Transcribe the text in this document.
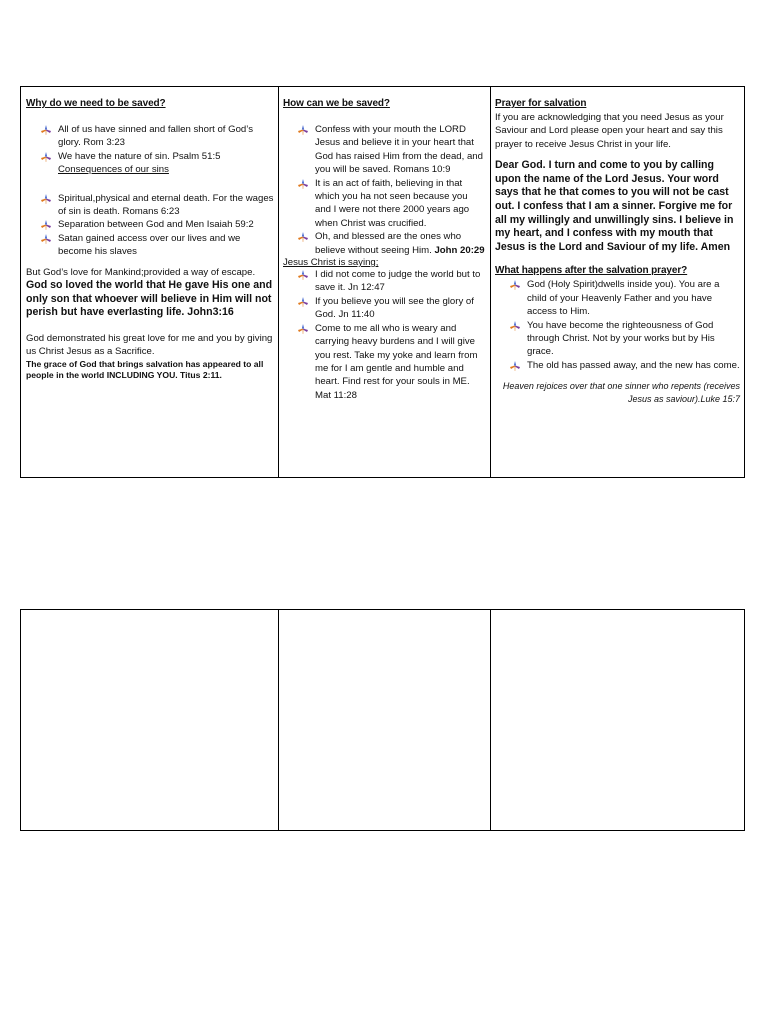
Why do we need to be saved?
All of us have sinned and fallen short of God’s glory. Rom 3:23
We have the nature of sin. Psalm 51:5
Consequences of our sins
Spiritual,physical and eternal death. For the wages of sin is death. Romans 6:23
Separation between God and Men Isaiah 59:2
Satan gained access over our lives and we become his slaves

But God’s love for Mankind;provided a way of escape.

God so loved the world that He gave His one and only son that whoever will believe in Him will not perish but have everlasting life. John3:16

God demonstrated his great love for me and you by giving us Christ Jesus as a Sacrifice.

The grace of God that brings salvation has appeared to all people in the world INCLUDING YOU. Titus 2:11.

How can we be saved?
Confess with your mouth the LORD Jesus and believe it in your heart that God has raised Him from the dead, and you will be saved. Romans 10:9
It is an act of faith, believing in that which you ha not seen because you and I were not there 2000 years ago when Christ was crucified.
Oh, and blessed are the ones who believe without seeing Him. John 20:29
Jesus Christ is saying;
I did not come to judge the world but to save it. Jn 12:47
If you believe you will see the glory of God. Jn 11:40
Come to me all who is weary and carrying heavy burdens and I will give you rest. Take my yoke and learn from me for I am gentle and humble and heart. Find rest for your souls in ME. Mat 11:28
Prayer for salvation

If you are acknowledging that you need Jesus as your Saviour and Lord please open your heart and say this prayer to receive Jesus Christ in your life.

Dear God. I turn and come to you by calling upon the name of the Lord Jesus. Your word says that he that comes to you will not be cast out. I confess that I am a sinner. Forgive me for all my willingly and unwillingly sins. I believe in my heart, and I confess with my mouth that Jesus is the Lord and Saviour of my life. Amen

What happens after the salvation prayer?
God (Holy Spirit)dwells inside you). You are a child of your Heavenly Father and you have access to Him.
You have become the righteousness of God through Christ. Not by your works but by His grace.
The old has passed away, and the new has come.

Heaven rejoices over that one sinner who repents (receives Jesus as saviour).Luke 15:7
